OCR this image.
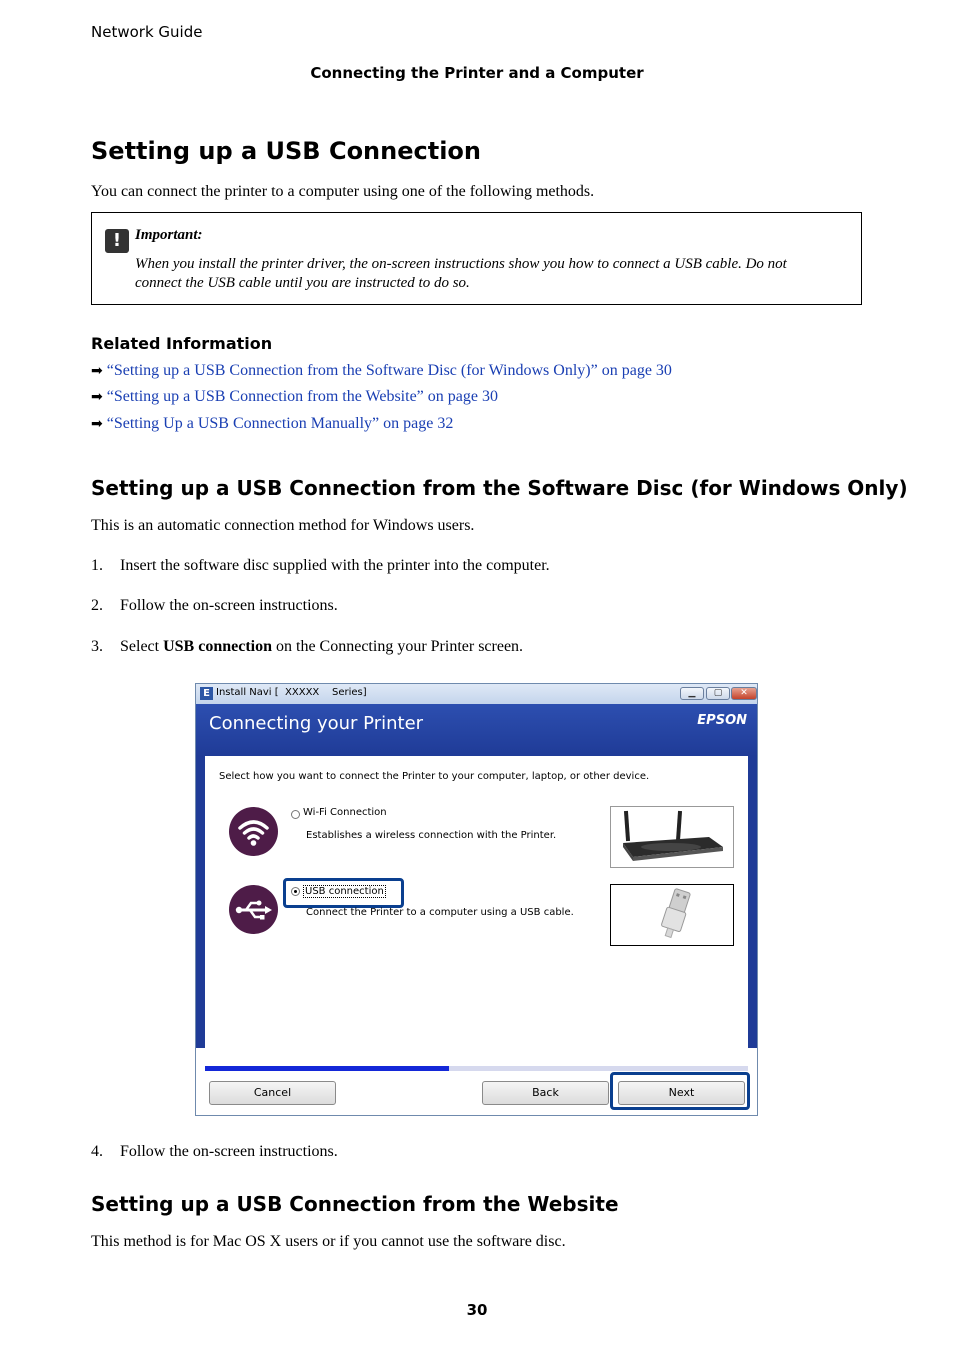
Network Guide
Connecting the Printer and a Computer
Setting up a USB Connection
You can connect the printer to a computer using one of the following methods.
! Important:
When you install the printer driver, the on-screen instructions show you how to connect a USB cable. Do not connect the USB cable until you are instructed to do so.
Related Information
➡ “Setting up a USB Connection from the Software Disc (for Windows Only)” on page 30
➡ “Setting up a USB Connection from the Website” on page 30
➡ “Setting Up a USB Connection Manually” on page 32
Setting up a USB Connection from the Software Disc (for Windows Only)
This is an automatic connection method for Windows users.
1. Insert the software disc supplied with the printer into the computer.
2. Follow the on-screen instructions.
3. Select USB connection on the Connecting your Printer screen.
E Install Navi [  XXXXX    Series]	▁	▢	✕
Connecting your Printer	EPSON
Select how you want to connect the Printer to your computer, laptop, or other device.
Wi-Fi Connection
Establishes a wireless connection with the Printer.
USB connection
Connect the Printer to a computer using a USB cable.
Cancel	Back	Next
4. Follow the on-screen instructions.
Setting up a USB Connection from the Website
This method is for Mac OS X users or if you cannot use the software disc.
30
